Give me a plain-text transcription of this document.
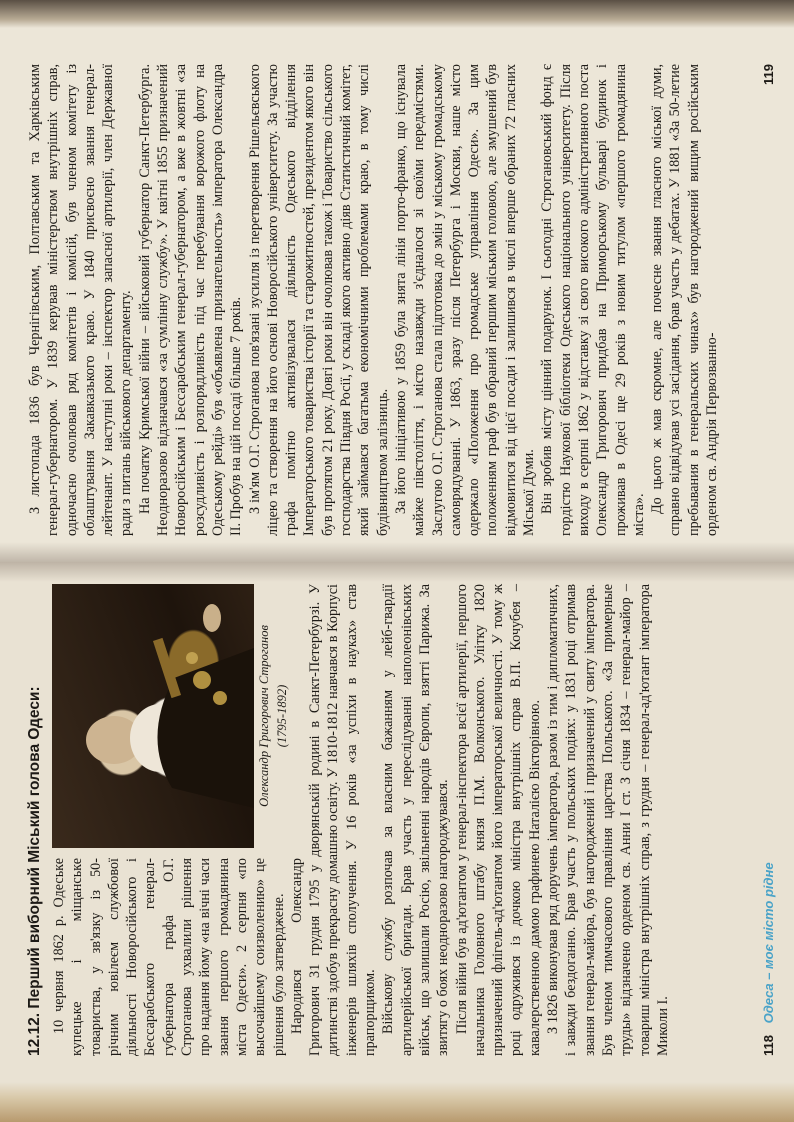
12.12. Перший виборний Міський голова Одеси:	Олександр Григорович Строганов (1795-1892)

10 червня 1862 р. Одеське купецьке і міщанське товариства, у зв'язку із 50-річним ювілеєм службової діяльності Новоросійського і Бессарабського генерал-губернатора графа О.Г. Строганова ухвалили рішення про надання йому «на вічні часи звання першого громадянина міста Одеси». 2 серпня «по высочайшему соизволению» це рішення було затверджене. Народився Олександр Григорович 31 грудня 1795 у дворянській родині в Санкт-Петербурзі. У дитинстві здобув прекрасну домашню освіту. У 1810-1812 навчався в Корпусі інженерів шляхів сполучення. У 16 років «за успіхи в науках» став прапорщиком. Військову службу розпочав за власним бажанням у лейб-гвардії артилерійської бригади. Брав участь у переслідуванні наполеонівських військ, що залишали Росію, звільненні народів Європи, взятті Парижа. За звитягу о боях неодноразово нагороджувався. Після війни був ад'ютантом у генерал-інспектора всієї артилерії, першого начальника Головного штабу князя П.М. Волконського. Улітку 1820 призначений флігель-ад'ютантом його імператорської величності. У тому ж році одружився із дочкою міністра внутрішніх справ В.П. Кочубея – кавалерственною дамою графинею Наталією Вікторівною. З 1826 виконував ряд доручень імператора, разом із тим і дипломатичних, і завжди бездоганно. Брав участь у польських подіях: у 1831 році отримав звання генерал-майора, був нагороджений і призначений у свиту імператора. Був членом тимчасового правління царства Польського. «За примерные труды» відзначено орденом св. Анни I ст. З січня 1834 – генерал-майор – товариш міністра внутрішніх справ, з грудня – генерал-ад'ютант імператора Миколи I.	118 Одеса – моє місто рідне

З листопада 1836 був Чернігівським, Полтавським та Харківським генерал-губернатором. У 1839 керував міністерством внутрішніх справ, одночасно очолював ряд комітетів і комісій, був членом комітету із облаштування Закавказького краю. У 1840 присвоєно звання генерал-лейтенант. У наступні роки – інспектор запасної артилерії, член Державної ради з питань військового департаменту. На початку Кримської війни – військовий губернатор Санкт-Петербурга. Неодноразово відзначався «за сумлінну службу». У квітні 1855 призначений Новоросійським і Бессарабським генерал-губернатором, а вже в жовтні «за розсудливість і розпорядливість під час перебування ворожого флоту на Одеському рейді» був «объявлена признательность» імператора Олександра II. Пробув на цій посаді більше 7 років. З ім'ям О.Г. Строганова пов'язані зусилля із перетворення Рішельєвського ліцею та створення на його основі Новоросійського університету. За участю графа помітно активізувалася діяльність Одеського відділення Імператорського товариства історії та старожитностей, президентом якого він був протягом 21 року. Довгі роки він очолював також і Товариство сільського господарства Півдня Росії, у складі якого активно діяв Статистичний комітет, який займався багатьма економічними проблемами краю, в тому числі будівництвом залізниць. За його ініціативою у 1859 була знята лінія порто-франко, що існувала майже півстоліття, і місто назавжди з'єдналося зі своїми передмістями. Заслугою О.Г. Строганова стала підготовка до змін у міському громадському самоврядуванні. У 1863, зразу після Петербурга і Москви, наше місто одержало «Положення про громадське управління Одеси». За цим положенням граф був обраний першим міським головою, але змушений був відмовитися від цієї посади і залишився в числі вперше обраних 72 гласних Міської Думи. Він зробив місту цінний подарунок. І сьогодні Строгановський фонд є гордістю Наукової бібліотеки Одеського національного університету. Після виходу в серпні 1862 у відставку зі свого високого адміністративного поста Олександр Григорович придбав на Приморському бульварі будинок і проживав в Одесі ще 29 років з новим титулом «першого громадянина міста».

До цього ж мав скромне, але почесне звання гласного міської думи, справно відвідував усі засідання, брав участь у дебатах. У 1881 «За 50-летие пребывания в генеральских чинах» був нагороджений вищим російським орденом св. Андрія Первозванно-

119
